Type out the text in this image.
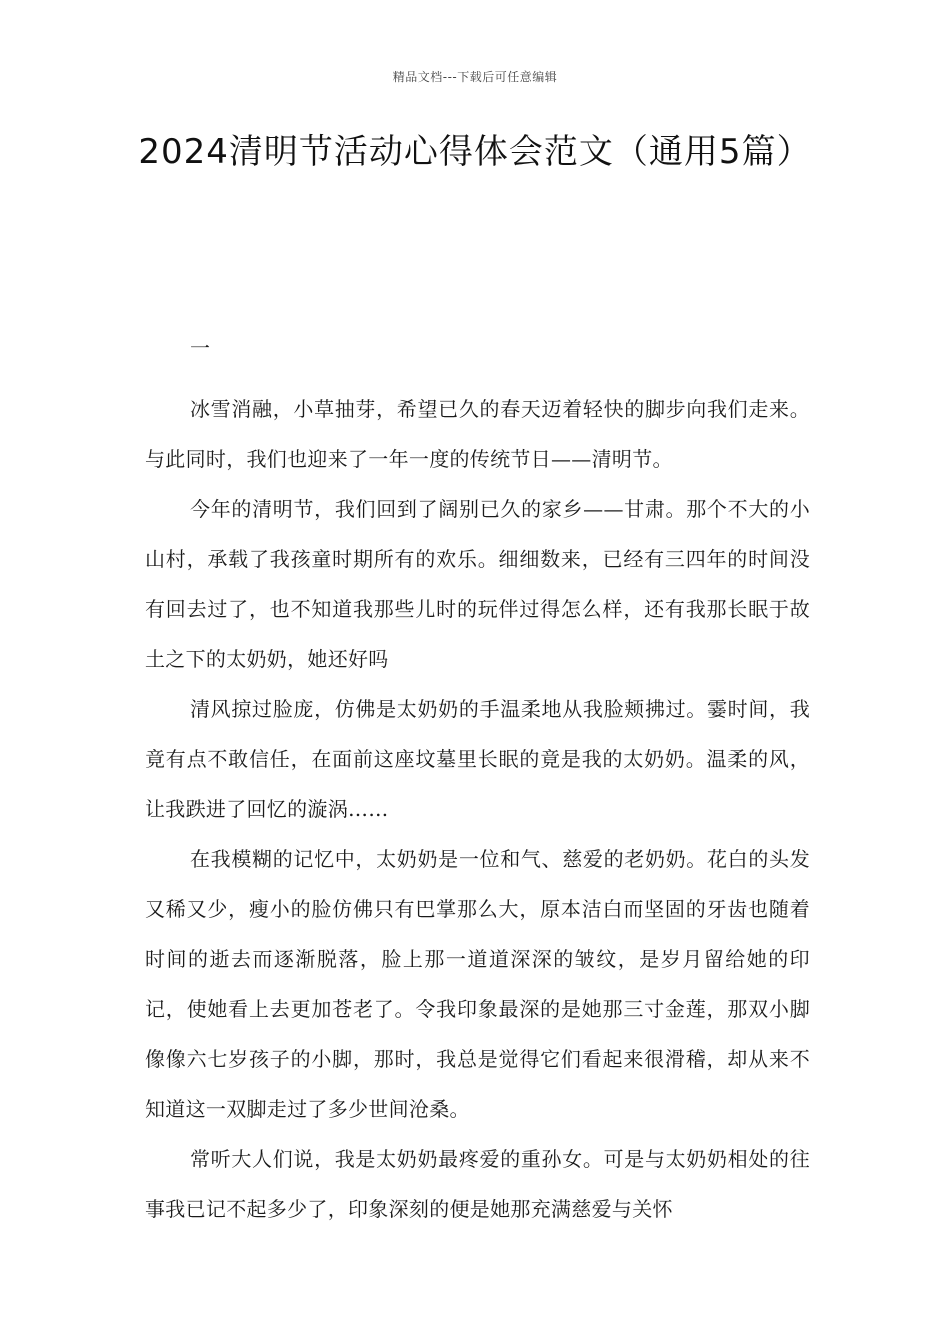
精品文档---下载后可任意编辑
2024清明节活动心得体会范文（通用5篇）
一

冰雪消融，小草抽芽，希望已久的春天迈着轻快的脚步向我们走来。与此同时，我们也迎来了一年一度的传统节日——清明节。

今年的清明节，我们回到了阔别已久的家乡——甘肃。那个不大的小山村，承载了我孩童时期所有的欢乐。细细数来，已经有三四年的时间没有回去过了，也不知道我那些儿时的玩伴过得怎么样，还有我那长眠于故土之下的太奶奶，她还好吗

清风掠过脸庞，仿佛是太奶奶的手温柔地从我脸颊拂过。霎时间，我竟有点不敢信任，在面前这座坟墓里长眠的竟是我的太奶奶。温柔的风，让我跌进了回忆的漩涡……

在我模糊的记忆中，太奶奶是一位和气、慈爱的老奶奶。花白的头发又稀又少，瘦小的脸仿佛只有巴掌那么大，原本洁白而坚固的牙齿也随着时间的逝去而逐渐脱落，脸上那一道道深深的皱纹，是岁月留给她的印记，使她看上去更加苍老了。令我印象最深的是她那三寸金莲，那双小脚像像六七岁孩子的小脚，那时，我总是觉得它们看起来很滑稽，却从来不知道这一双脚走过了多少世间沧桑。

常听大人们说，我是太奶奶最疼爱的重孙女。可是与太奶奶相处的往事我已记不起多少了，印象深刻的便是她那充满慈爱与关怀
